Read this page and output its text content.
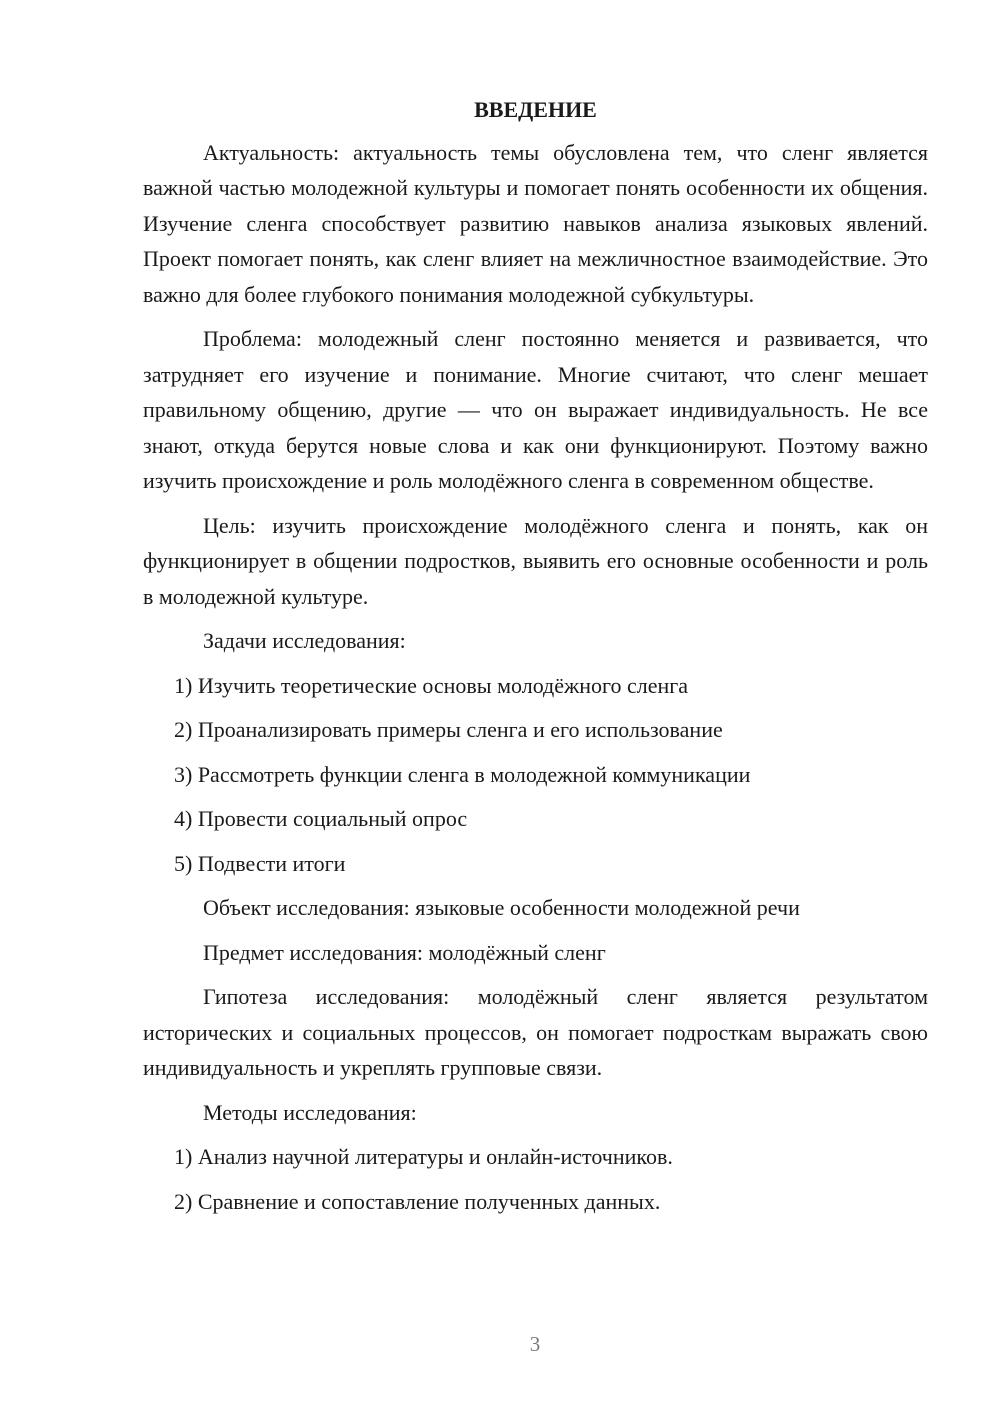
ВВЕДЕНИЕ

Актуальность: актуальность темы обусловлена тем, что сленг является важной частью молодежной культуры и помогает понять особенности их общения. Изучение сленга способствует развитию навыков анализа языковых явлений. Проект помогает понять, как сленг влияет на межличностное взаимодействие. Это важно для более глубокого понимания молодежной субкультуры.

Проблема: молодежный сленг постоянно меняется и развивается, что затрудняет его изучение и понимание. Многие считают, что сленг мешает правильному общению, другие — что он выражает индивидуальность. Не все знают, откуда берутся новые слова и как они функционируют. Поэтому важно изучить происхождение и роль молодёжного сленга в современном обществе.

Цель: изучить происхождение молодёжного сленга и понять, как он функционирует в общении подростков, выявить его основные особенности и роль в молодежной культуре.

Задачи исследования:

1) Изучить теоретические основы молодёжного сленга

2) Проанализировать примеры сленга и его использование

3) Рассмотреть функции сленга в молодежной коммуникации

4) Провести социальный опрос

5) Подвести итоги

Объект исследования: языковые особенности молодежной речи

Предмет исследования: молодёжный сленг

Гипотеза исследования: молодёжный сленг является результатом исторических и социальных процессов, он помогает подросткам выражать свою индивидуальность и укреплять групповые связи.

Методы исследования:

1) Анализ научной литературы и онлайн-источников.

2) Сравнение и сопоставление полученных данных.

3
